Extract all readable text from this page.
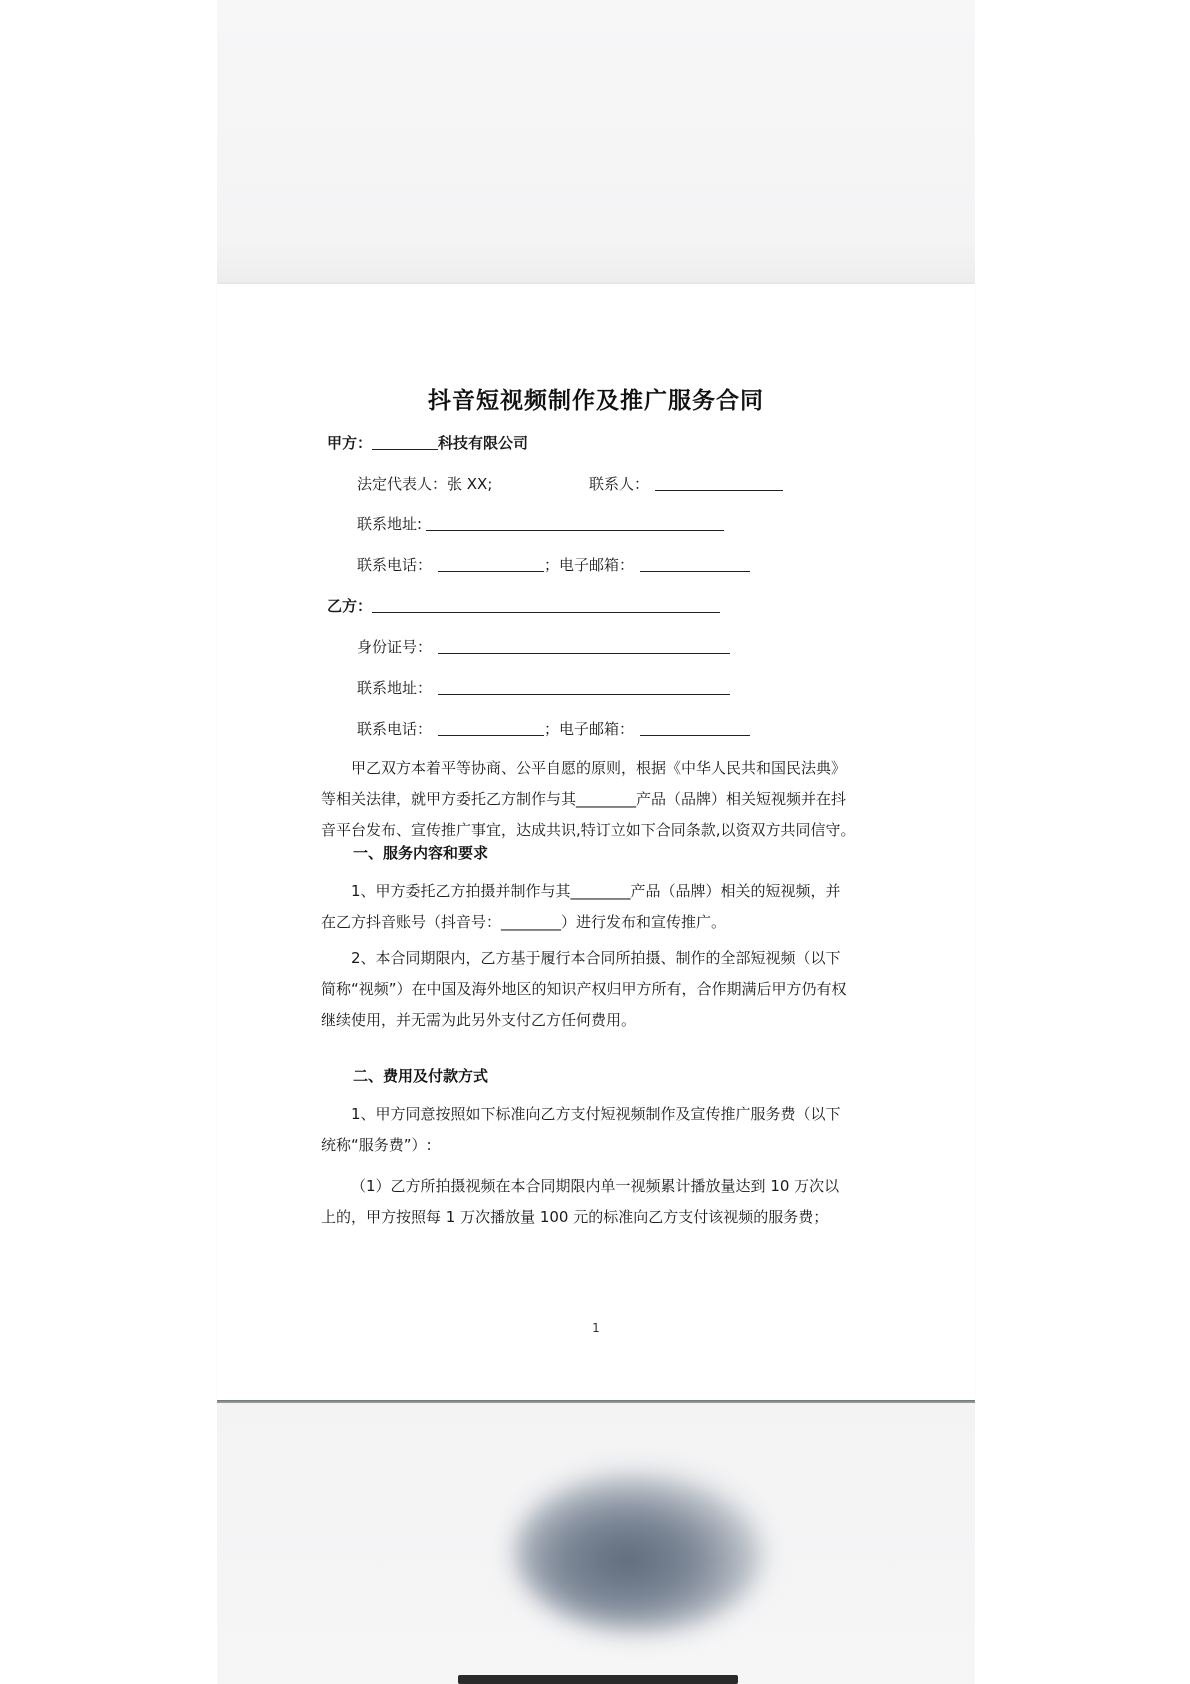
抖音短视频制作及推广服务合同
甲方：	科技有限公司
法定代表人：张 XX;	联系人：
联系地址:
联系电话：	；电子邮箱：
乙方：
身份证号：
联系地址：
联系电话：	；电子邮箱：
甲乙双方本着平等协商、公平自愿的原则，根据《中华人民共和国民法典》
等相关法律，就甲方委托乙方制作与其________产品（品牌）相关短视频并在抖
音平台发布、宣传推广事宜，达成共识,特订立如下合同条款,以资双方共同信守。
一、服务内容和要求
1、甲方委托乙方拍摄并制作与其________产品（品牌）相关的短视频，并
在乙方抖音账号（抖音号：________）进行发布和宣传推广。
2、本合同期限内，乙方基于履行本合同所拍摄、制作的全部短视频（以下
简称“视频”）在中国及海外地区的知识产权归甲方所有，合作期满后甲方仍有权
继续使用，并无需为此另外支付乙方任何费用。
二、费用及付款方式
1、甲方同意按照如下标准向乙方支付短视频制作及宣传推广服务费（以下
统称“服务费”）:
（1）乙方所拍摄视频在本合同期限内单一视频累计播放量达到 10 万次以
上的，甲方按照每 1 万次播放量 100 元的标准向乙方支付该视频的服务费；
1
